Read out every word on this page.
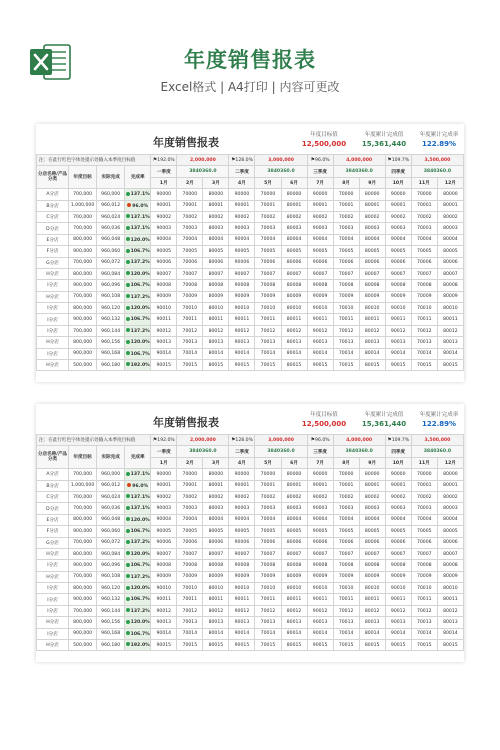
年度销售报表
Excel格式 | A4打印 | 内容可更改
年度销售报表
年度目标值
12,500,000
年度累计完成值
15,361,440
年度累计完成率
122.89%
注：在此行红色字体处提示处输入本季度目标值				⚑192.0%	2,000,000		⚑128.0%	3,000,000		⚑96.0%	4,000,000		⚑109.7%	3,500,000	
分店名称/产品分类	年度目标	实际完成	完成率	一季度	3840360.0		二季度	3840360.0		三季度	3840360.0		四季度	3840360.0	
				1月	2月	3月	4月	5月	6月	7月	8月	9月	10月	11月	12月
A分店	700,000	960,000	137.1%	90000	70000	80000	90000	70000	80000	90000	70000	80000	90000	70000	80000
B分店	1,000,000	960,012	96.0%	90001	70001	80001	90001	70001	80001	90001	70001	80001	90001	70001	80001
C分店	700,000	960,024	137.1%	90002	70002	80002	90002	70002	80002	90002	70002	80002	90002	70002	80002
D分店	700,000	960,036	137.1%	90003	70003	80003	90003	70003	80003	90003	70003	80003	90003	70003	80003
E分店	800,000	960,048	120.0%	90004	70004	80004	90004	70004	80004	90004	70004	80004	90004	70004	80004
F分店	900,000	960,060	106.7%	90005	70005	80005	90005	70005	80005	90005	70005	80005	90005	70005	80005
G分店	700,000	960,072	137.2%	90006	70006	80006	90006	70006	80006	90006	70006	80006	90006	70006	80006
H分店	800,000	960,084	120.0%	90007	70007	80007	90007	70007	80007	90007	70007	80007	90007	70007	80007
I分店	900,000	960,096	106.7%	90008	70008	80008	90008	70008	80008	90008	70008	80008	90008	70008	80008
H分店	700,000	960,108	137.2%	90009	70009	80009	90009	70009	80009	90009	70009	80009	90009	70009	80009
I分店	800,000	960,120	120.0%	90010	70010	80010	90010	70010	80010	90010	70010	80010	90010	70010	80010
I分店	900,000	960,132	106.7%	90011	70011	80011	90011	70011	80011	90011	70011	80011	90011	70011	80011
I分店	700,000	960,144	137.2%	90012	70012	80012	90012	70012	80012	90012	70012	80012	90012	70012	80012
H分店	800,000	960,156	120.0%	90013	70013	80013	90013	70013	80013	90013	70013	80013	90013	70013	80013
I分店	900,000	960,168	106.7%	90014	70014	80014	90014	70014	80014	90014	70014	80014	90014	70014	80014
H分店	500,000	960,180	192.0%	90015	70015	80015	90015	70015	80015	90015	70015	80015	90015	70015	80015
年度销售报表
年度目标值
12,500,000
年度累计完成值
15,361,440
年度累计完成率
122.89%
注：在此行红色字体处提示处输入本季度目标值				⚑192.0%	2,000,000		⚑128.0%	3,000,000		⚑96.0%	4,000,000		⚑109.7%	3,500,000	
分店名称/产品分类	年度目标	实际完成	完成率	一季度	3840360.0		二季度	3840360.0		三季度	3840360.0		四季度	3840360.0	
				1月	2月	3月	4月	5月	6月	7月	8月	9月	10月	11月	12月
A分店	700,000	960,000	137.1%	90000	70000	80000	90000	70000	80000	90000	70000	80000	90000	70000	80000
B分店	1,000,000	960,012	96.0%	90001	70001	80001	90001	70001	80001	90001	70001	80001	90001	70001	80001
C分店	700,000	960,024	137.1%	90002	70002	80002	90002	70002	80002	90002	70002	80002	90002	70002	80002
D分店	700,000	960,036	137.1%	90003	70003	80003	90003	70003	80003	90003	70003	80003	90003	70003	80003
E分店	800,000	960,048	120.0%	90004	70004	80004	90004	70004	80004	90004	70004	80004	90004	70004	80004
F分店	900,000	960,060	106.7%	90005	70005	80005	90005	70005	80005	90005	70005	80005	90005	70005	80005
G分店	700,000	960,072	137.2%	90006	70006	80006	90006	70006	80006	90006	70006	80006	90006	70006	80006
H分店	800,000	960,084	120.0%	90007	70007	80007	90007	70007	80007	90007	70007	80007	90007	70007	80007
I分店	900,000	960,096	106.7%	90008	70008	80008	90008	70008	80008	90008	70008	80008	90008	70008	80008
H分店	700,000	960,108	137.2%	90009	70009	80009	90009	70009	80009	90009	70009	80009	90009	70009	80009
I分店	800,000	960,120	120.0%	90010	70010	80010	90010	70010	80010	90010	70010	80010	90010	70010	80010
I分店	900,000	960,132	106.7%	90011	70011	80011	90011	70011	80011	90011	70011	80011	90011	70011	80011
I分店	700,000	960,144	137.2%	90012	70012	80012	90012	70012	80012	90012	70012	80012	90012	70012	80012
H分店	800,000	960,156	120.0%	90013	70013	80013	90013	70013	80013	90013	70013	80013	90013	70013	80013
I分店	900,000	960,168	106.7%	90014	70014	80014	90014	70014	80014	90014	70014	80014	90014	70014	80014
H分店	500,000	960,180	192.0%	90015	70015	80015	90015	70015	80015	90015	70015	80015	90015	70015	80015
